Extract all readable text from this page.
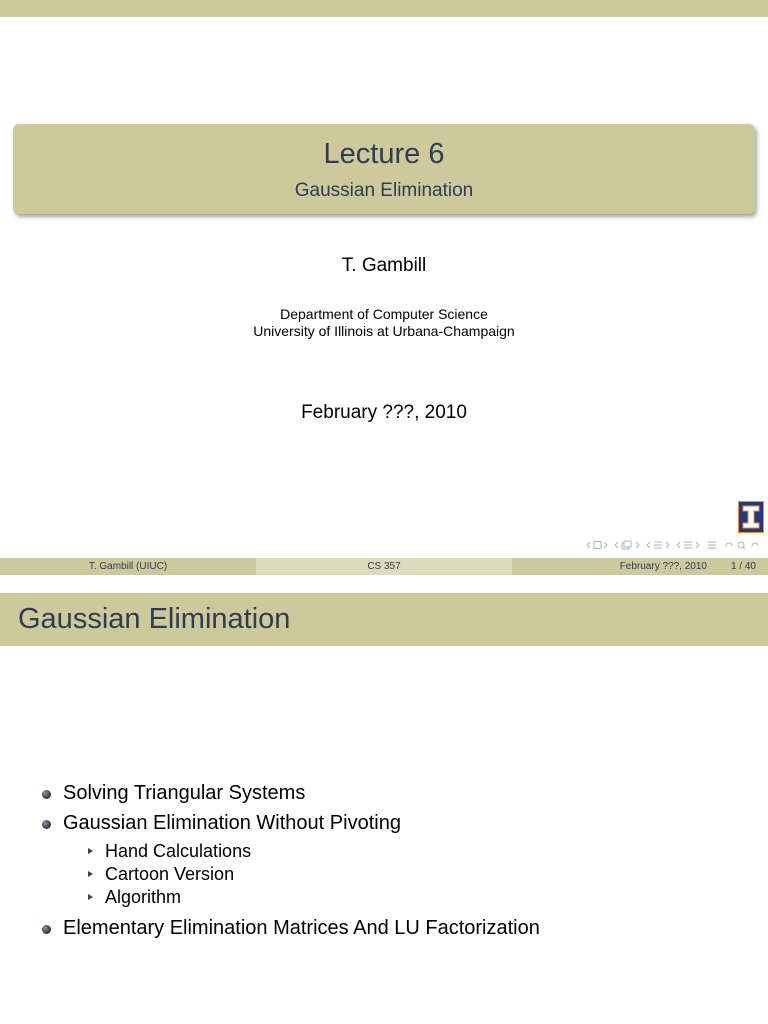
Lecture 6
Gaussian Elimination
T. Gambill
Department of Computer Science
University of Illinois at Urbana-Champaign
February ???, 2010
T. Gambill (UIUC)	CS 357	February ???, 2010 1 / 40
Gaussian Elimination
Solving Triangular Systems
Gaussian Elimination Without Pivoting
Hand Calculations
Cartoon Version
Algorithm
Elementary Elimination Matrices And LU Factorization
